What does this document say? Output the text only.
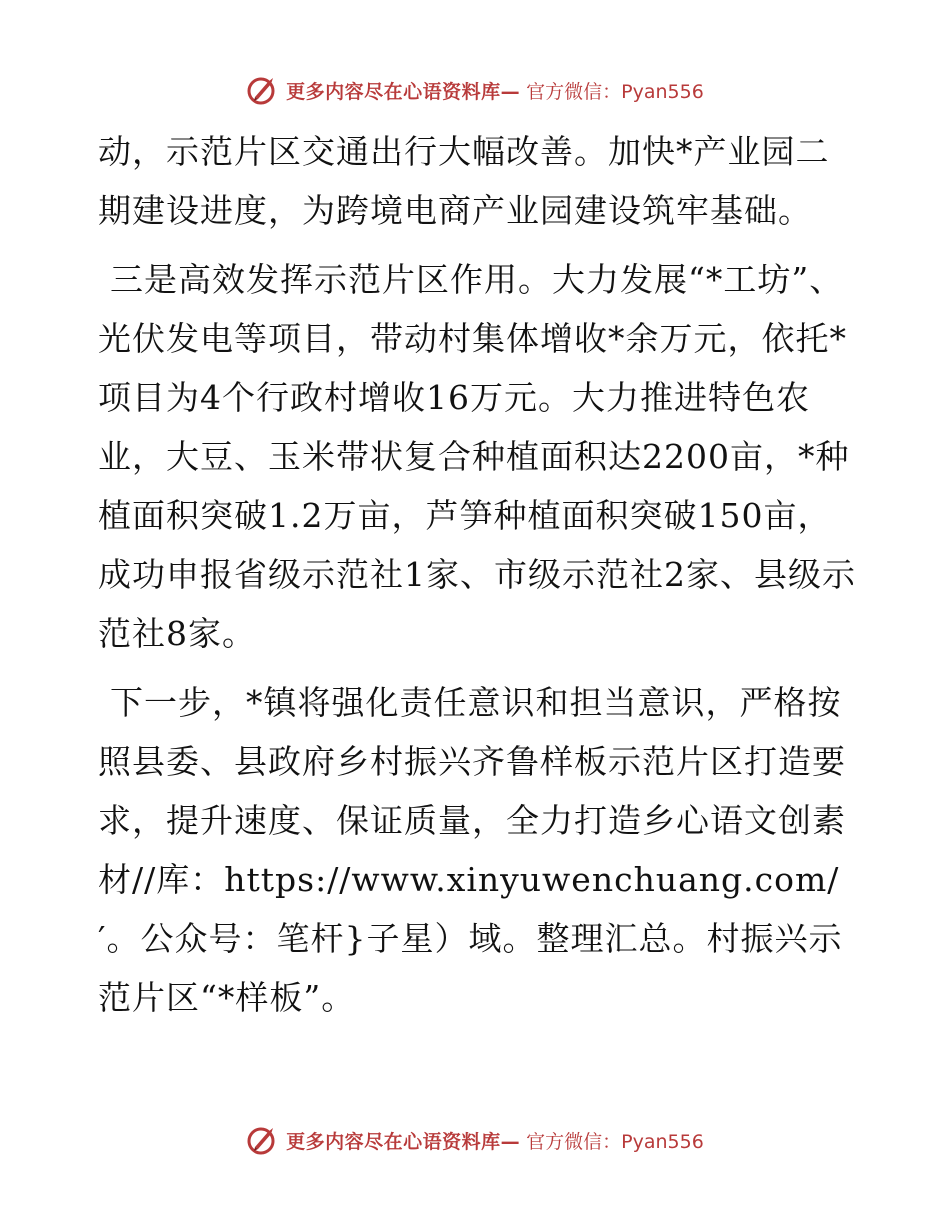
更多内容尽在心语资料库— 官方微信：Pyan556

动，示范片区交通出行大幅改善。加快*产业园二期建设进度，为跨境电商产业园建设筑牢基础。

三是高效发挥示范片区作用。大力发展“*工坊”、光伏发电等项目，带动村集体增收*余万元，依托*项目为4个行政村增收16万元。大力推进特色农业，大豆、玉米带状复合种植面积达2200亩，*种植面积突破1.2万亩，芦笋种植面积突破150亩，成功申报省级示范社1家、市级示范社2家、县级示范社8家。

下一步，*镇将强化责任意识和担当意识，严格按照县委、县政府乡村振兴齐鲁样板示范片区打造要求，提升速度、保证质量，全力打造乡心语文创素材//库：https://www.xinyuwenchuang.com/′。公众号：笔杆}子星）域。整理汇总。村振兴示范片区“*样板”。

更多内容尽在心语资料库— 官方微信：Pyan556
